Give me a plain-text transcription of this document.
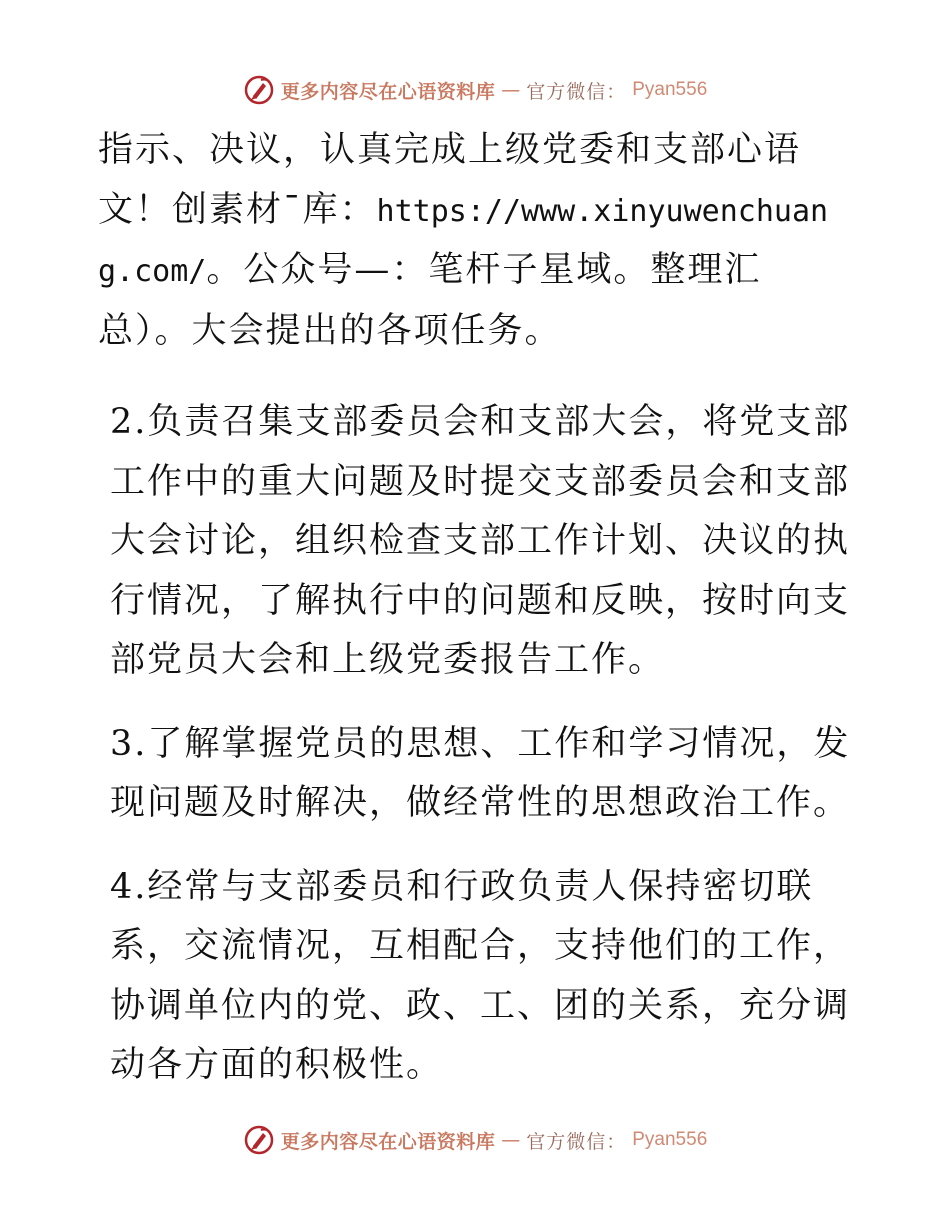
更多内容尽在心语资料库 — 官方微信： Pyan556

指示、决议，认真完成上级党委和支部心语文！创素材¯库：https://www.xinyuwenchuang.com/。公众号—：笔杆子星域。整理汇总）。大会提出的各项任务。

2.负责召集支部委员会和支部大会，将党支部工作中的重大问题及时提交支部委员会和支部大会讨论，组织检查支部工作计划、决议的执行情况，了解执行中的问题和反映，按时向支部党员大会和上级党委报告工作。

3.了解掌握党员的思想、工作和学习情况，发现问题及时解决，做经常性的思想政治工作。

4.经常与支部委员和行政负责人保持密切联系，交流情况，互相配合，支持他们的工作，协调单位内的党、政、工、团的关系，充分调动各方面的积极性。

更多内容尽在心语资料库 — 官方微信： Pyan556
